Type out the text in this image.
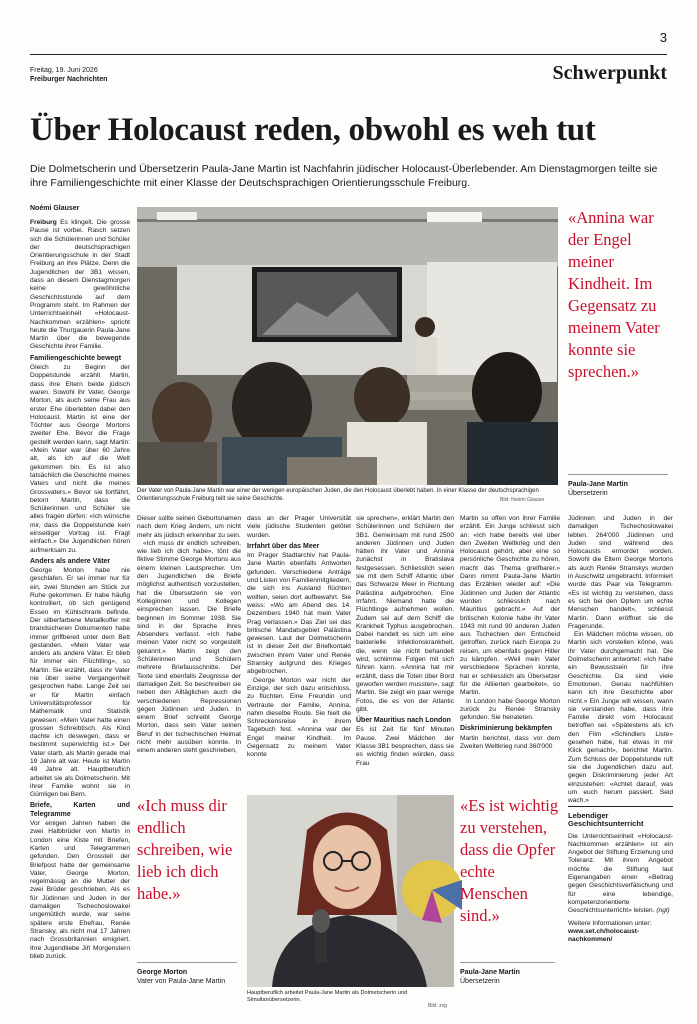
3
Freitag, 19. Juni 2026
Freiburger Nachrichten	Schwerpunkt
Über Holocaust reden, obwohl es weh tut
Die Dolmetscherin und Übersetzerin Paula-Jane Martin ist Nachfahrin jüdischer Holocaust-Überlebender. Am Dienstagmorgen teilte sie ihre Familiengeschichte mit einer Klasse der Deutschsprachigen Orientierungsschule Freiburg.
Noémi Glauser

Freiburg Es klingelt. Die grosse Pause ist vorbei. Rasch setzen sich die Schülerinnen und Schüler der deutschsprachigen Orientierungsschule in der Stadt Freiburg an ihre Plätze. Denn die Jugendlichen der 3B1 wissen, dass an diesem Dienstagmorgen keine gewöhnliche Geschichtsstunde auf dem Programm steht. Im Rahmen der Unterrichtseinheit «Holocaust-Nachkommen erzählen» spricht heute die Thurgauerin Paula-Jane Martin über die bewegende Geschichte ihrer Familie.

Familiengeschichte bewegt

Gleich zu Beginn der Doppelstunde erzählt Martin, dass ihre Eltern beide jüdisch waren. Sowohl ihr Vater, George Morton, als auch seine Frau aus erster Ehe überlebten dabei den Holocaust. Martin ist eine der Töchter aus George Mortons zweiter Ehe. Bevor die Frage gestellt werden kann, sagt Martin: «Mein Vater war über 60 Jahre alt, als ich auf die Welt gekommen bin. Es ist also tatsächlich die Geschichte meines Vaters und nicht die meines Grossvaters.» Bevor sie fortfährt, betont Martin, dass die Schülerinnen und Schüler sie alles fragen dürfen: «Ich wünsche mir, dass die Doppelstunde kein einseitiger Vortrag ist. Fragt einfach.» Die Jugendlichen hören aufmerksam zu.

Anders als andere Väter

George Morton habe nie geschlafen. Er sei immer nur für ein, zwei Stunden am Stück zur Ruhe gekommen. Er habe häufig kontrolliert, ob sich genügend Essen im Kühlschrank befinde. Der silberfarbene Metallkoffer mit brandsicheren Dokumenten habe immer griffbereit unter dem Bett gestanden. «Mein Vater war anders als andere Väter. Er blieb für immer ein Flüchtling», so Martin. Sie erzählt, dass ihr Vater nie über seine Vergangenheit gesprochen habe. Lange Zeit sei er für Martin einfach Universitätsprofessor für Mathematik und Statistik gewesen: «Mein Vater hatte einen grossen Schreibtisch. Als Kind dachte ich deswegen, dass er bestimmt superwichtig ist.» Der Vater starb, als Martin gerade mal 19 Jahre alt war. Heute ist Martin 49 Jahre alt. Hauptberuflich arbeitet sie als Dolmetscherin. Mit ihrer Familie wohnt sie in Gümligen bei Bern.

Briefe, Karten und Telegramme

Vor einigen Jahren haben die zwei Halbbrüder von Martin in London eine Kiste mit Briefen, Karten und Telegrammen gefunden. Den Grossteil der Briefpost hatte der gemeinsame Vater, George Morton, regelmässig an die Mutter der zwei Brüder geschrieben. Als es für Jüdinnen und Juden in der damaligen Tschechoslowakei ungemütlich wurde, war seine spätere erste Ehefrau, Renée Stransky, als nicht mal 17 Jahren nach Grossbritannien emigriert. Ihre Jugendliebe Jiří Morgenstern blieb zurück.

Der Vater von Paula-Jane Martin war einer der wenigen europäischen Juden, die den Holocaust überlebt haben. In einer Klasse der deutschsprachigen Orientierungsschule Freiburg teilt sie seine Geschichte.	Bild: Noémi Glauser
«Annina war der Engel meiner Kindheit. Im Gegensatz zu meinem Vater konnte sie sprechen.»
Paula-Jane Martin
Übersetzerin

Dieser sollte seinen Geburtsnamen nach dem Krieg ändern, um nicht mehr als jüdisch erkennbar zu sein.

«Ich muss dir endlich schreiben, wie lieb ich dich habe», tönt die fiktive Stimme George Mortons aus einem kleinen Lautsprecher. Um den Jugendlichen die Briefe möglichst authentisch vorzustellen, hat die Übersetzerin sie von Kolleginnen und Kollegen einsprechen lassen. Die Briefe beginnen im Sommer 1938. Sie sind in der Sprache ihres Absenders verfasst. «Ich habe meinen Vater nicht so vorgestellt gekannt.» Martin zeigt den Schülerinnen und Schülern mehrere Briefausschnitte. Der Texte sind ebenfalls Zeugnisse der damaligen Zeit. So beschreiben sie neben den Alltäglichen auch die verschiedenen Repressionen gegen Jüdinnen und Juden. In einem Brief schreibt George Morton, dass sein Vater seinen Beruf in der tschechischen Heimat nicht mehr ausüben konnte. In einem anderen steht geschrieben,

dass an der Prager Universität viele jüdische Studenten getötet wurden.

Irrfahrt über das Meer

Im Prager Stadtarchiv hat Paula-Jane Martin ebenfalls Antworten gefunden. Verschiedene Anträge und Listen von Familienmitgliedern, die sich ins Ausland flüchten wollten, seien dort aufbewahrt. Sie weiss: «Wo am Abend des 14. Dezembers 1940 hat mein Vater Prag verlassen.» Das Ziel sei das britische Mandatsgebiet Palästina gewesen. Laut der Dolmetscherin ist in dieser Zeit der Briefkontakt zwischen ihrem Vater und Renée Stransky aufgrund des Krieges abgebrochen.

George Morton war nicht der Einzige, der sich dazu entschloss, zu flüchten. Eine Freundin und Vertraute der Familie, Annina, nahm dieselbe Route. Sie hielt die Schreckensreise in ihrem Tagebuch fest. «Annina war der Engel meiner Kindheit. Im Gegensatz zu meinem Vater konnte

sie sprechen», erklärt Martin den Schülerinnen und Schülern der 3B1. Gemeinsam mit rund 2500 anderen Jüdinnen und Juden hätten ihr Vater und Annina zunächst in Bratislava festgesessen. Schliesslich seien sie mit dem Schiff Atlantic über das Schwarze Meer in Richtung Palästina aufgebrochen. Eine Irrfahrt. Niemand hatte die Flüchtlinge aufnehmen wollen. Zudem sei auf dem Schiff die Krankheit Typhus ausgebrochen. Dabei handelt es sich um eine bakterielle Infektionskrankheit, die, wenn sie nicht behandelt wird, schlimme Folgen mit sich führen kann. «Annina hat mir erzählt, dass die Toten über Bord geworfen werden mussten», sagt Martin. Sie zeigt ein paar wenige Fotos, die es von der Atlantic gibt.

Über Mauritius nach London

Es ist Zeit für fünf Minuten Pause. Zwei Mädchen der Klasse 3B1 besprechen, dass sie es wichtig finden würden, dass Frau

Martin so offen von ihrer Familie erzählt. Ein Junge schliesst sich an: «Ich habe bereits viel über den Zweiten Weltkrieg und den Holocaust gehört, aber eine so persönliche Geschichte zu hören, macht das Thema greifbarer.» Dann nimmt Paula-Jane Martin das Erzählen wieder auf: «Die Jüdinnen und Juden der Atlantic wurden schliesslich nach Mauritius gebracht.» Auf der britischen Kolonie habe ihr Vater 1943 mit rund 90 anderen Juden aus Tschechien den Entscheid getroffen, zurück nach Europa zu reisen, um ebenfalls gegen Hitler zu kämpfen. «Weil mein Vater verschiedene Sprachen konnte, hat er schliesslich als Übersetzer für die Alliierten gearbeitet», so Martin.

In London habe George Morton zurück zu Renée Stransky gefunden. Sie heirateten.

Diskriminierung bekämpfen

Martin berichtet, dass vor dem Zweiten Weltkrieg rund 360'000

Jüdinnen und Juden in der damaligen Tschechoslowakei lebten. 264'000 Jüdinnen und Juden sind während des Holocausts ermordet worden. Sowohl die Eltern George Mortons als auch Renée Stranskys wurden in Auschwitz umgebracht. Informiert wurde das Paar via Telegramm. «Es ist wichtig zu verstehen, dass es sich bei den Opfern um echte Menschen handelt», schliesst Martin. Dann eröffnet sie die Fragerunde.

Ein Mädchen möchte wissen, ob Martin sich vorstellen könne, was ihr Vater durchgemacht hat. Die Dolmetscherin antwortet: «Ich habe ein Bewusstsein für ihre Geschichte. Da sind viele Emotionen. Genau nachfühlen kann ich ihre Geschichte aber nicht.» Ein Junge will wissen, wann sie verstanden habe, dass ihre Familie direkt vom Holocaust betroffen sei. «Spätestens als ich den Film «Schindlers Liste» gesehen habe, hat etwas in mir Klick gemacht», berichtet Martin. Zum Schluss der Doppelstunde ruft sie die Jugendlichen dazu auf, gegen Diskriminierung jeder Art einzustehen: «Achtet darauf, was um euch herum passiert. Seid wach.»

«Ich muss dir endlich schreiben, wie lieb ich dich habe.»
George Morton
Vater von Paula-Jane Martin
Hauptberuflich arbeitet Paula-Jane Martin als Dolmetscherin und Simultanübersetzerin.
Bild: zvg
«Es ist wichtig zu verstehen, dass die Opfer echte Menschen sind.»
Paula-Jane Martin
Übersetzerin
Lebendiger Geschichtsunterricht

Die Unterrichtseinheit «Holocaust-Nachkommen erzählen» ist ein Angebot der Stiftung Erziehung und Toleranz. Mit ihrem Angebot möchte die Stiftung laut Eigenangaben einen «Beitrag gegen Geschichtsverfälschung und für eine lebendige, kompetenzorientierte Geschichtsunterricht» leisten. (ngl)

Weitere Informationen unter:

www.set.ch/holocaust-nachkommen/
